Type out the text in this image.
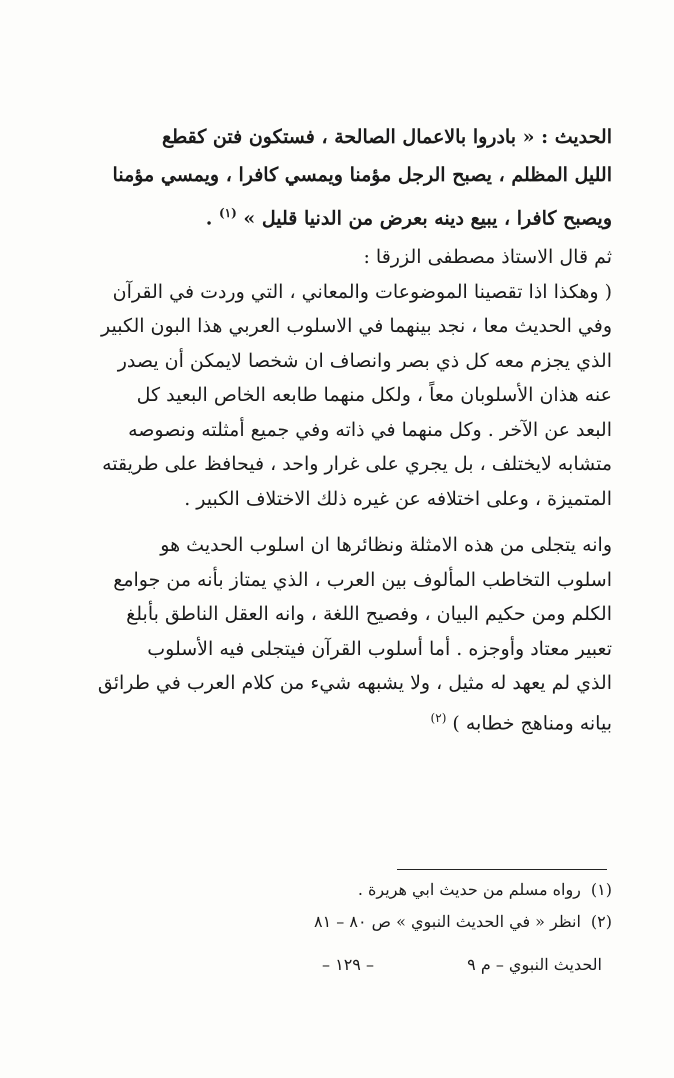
الحديث : « بادروا بالاعمال الصالحة ، فستكون فتن كقطع
الليل المظلم ، يصبح الرجل مؤمنا ويمسي كافرا ، ويمسي مؤمنا
ويصبح كافرا ، يبيع دينه بعرض من الدنيا قليل » $^{(١)}$ .
ثم قال الاستاذ مصطفى الزرقا :
( وهكذا اذا تقصينا الموضوعات والمعاني ، التي وردت في القرآن
وفي الحديث معا ، نجد بينهما في الاسلوب العربي هذا البون الكبير
الذي يجزم معه كل ذي بصر وانصاف ان شخصا لايمكن أن يصدر
عنه هذان الأسلوبان معاً ، ولكل منهما طابعه الخاص البعيد كل
البعد عن الآخر . وكل منهما في ذاته وفي جميع أمثلته ونصوصه
متشابه لايختلف ، بل يجري على غرار واحد ، فيحافظ على طريقته
المتميزة ، وعلى اختلافه عن غيره ذلك الاختلاف الكبير .
وانه يتجلى من هذه الامثلة ونظائرها ان اسلوب الحديث هو
اسلوب التخاطب المألوف بين العرب ، الذي يمتاز بأنه من جوامع
الكلم ومن حكيم البيان ، وفصيح اللغة ، وانه العقل الناطق بأبلغ
تعبير معتاد وأوجزه . أما أسلوب القرآن فيتجلى فيه الأسلوب
الذي لم يعهد له مثيل ، ولا يشبهه شيء من كلام العرب في طرائق
بيانه ومناهج خطابه ) $^{(٢)}$
(١)رواه مسلم من حديث ابي هريرة .
(٢)انظر « في الحديث النبوي » ص ٨٠ – ٨١
الحديث النبوي – م ٩
– ١٢٩ –
